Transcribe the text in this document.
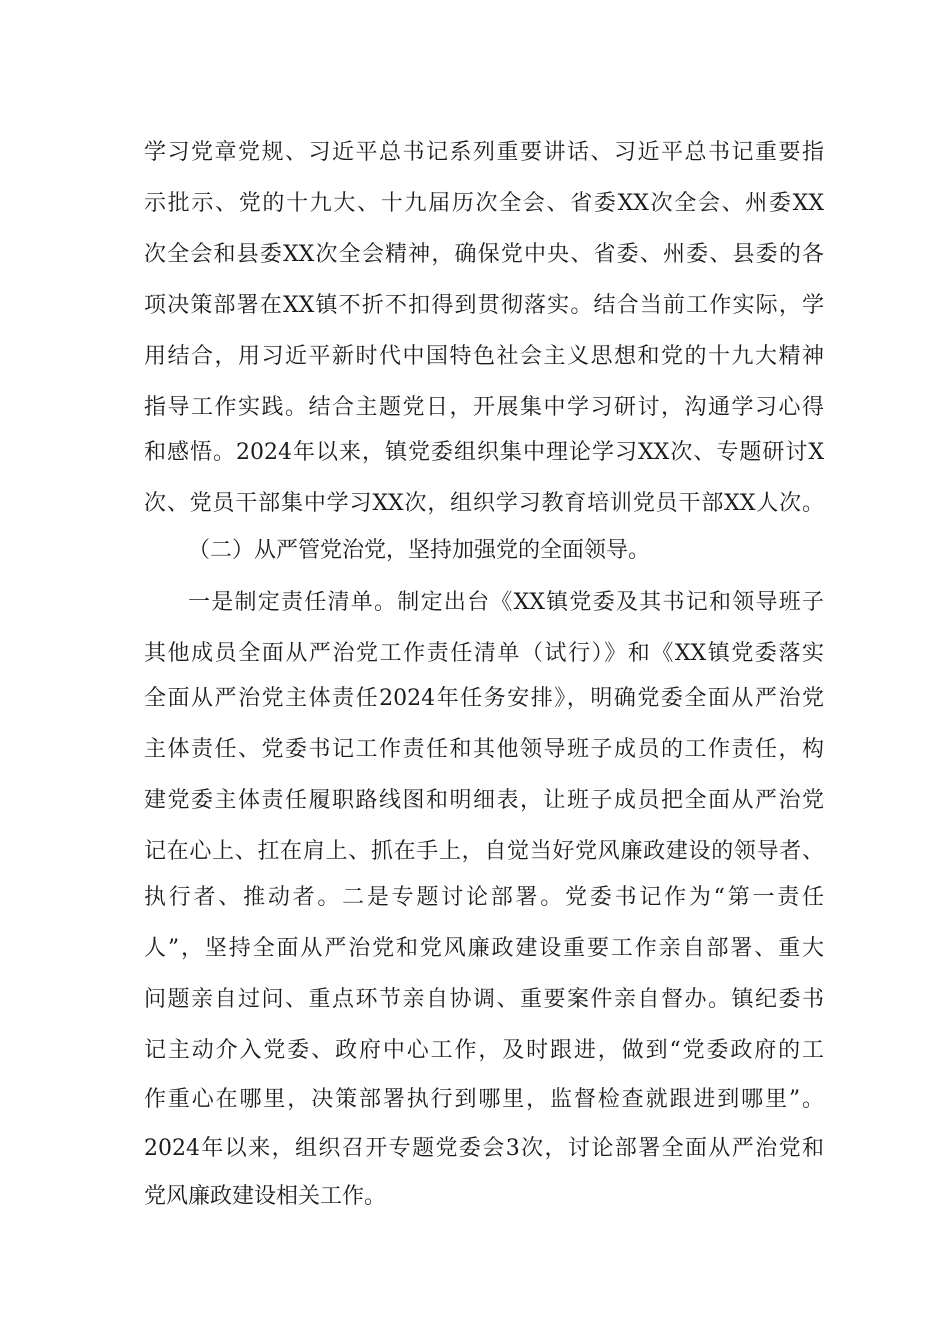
学习党章党规、习近平总书记系列重要讲话、习近平总书记重要指
示批示、党的十九大、十九届历次全会、省委XX次全会、州委XX
次全会和县委XX次全会精神，确保党中央、省委、州委、县委的各
项决策部署在XX镇不折不扣得到贯彻落实。结合当前工作实际，学
用结合，用习近平新时代中国特色社会主义思想和党的十九大精神
指导工作实践。结合主题党日，开展集中学习研讨，沟通学习心得
和感悟。2024年以来，镇党委组织集中理论学习XX次、专题研讨X
次、党员干部集中学习XX次，组织学习教育培训党员干部XX人次。
（二）从严管党治党，坚持加强党的全面领导。
一是制定责任清单。制定出台《XX镇党委及其书记和领导班子
其他成员全面从严治党工作责任清单（试行）》和《XX镇党委落实
全面从严治党主体责任2024年任务安排》，明确党委全面从严治党
主体责任、党委书记工作责任和其他领导班子成员的工作责任，构
建党委主体责任履职路线图和明细表，让班子成员把全面从严治党
记在心上、扛在肩上、抓在手上，自觉当好党风廉政建设的领导者、
执行者、推动者。二是专题讨论部署。党委书记作为“第一责任
人”，坚持全面从严治党和党风廉政建设重要工作亲自部署、重大
问题亲自过问、重点环节亲自协调、重要案件亲自督办。镇纪委书
记主动介入党委、政府中心工作，及时跟进，做到“党委政府的工
作重心在哪里，决策部署执行到哪里，监督检查就跟进到哪里”。
2024年以来，组织召开专题党委会3次，讨论部署全面从严治党和
党风廉政建设相关工作。
